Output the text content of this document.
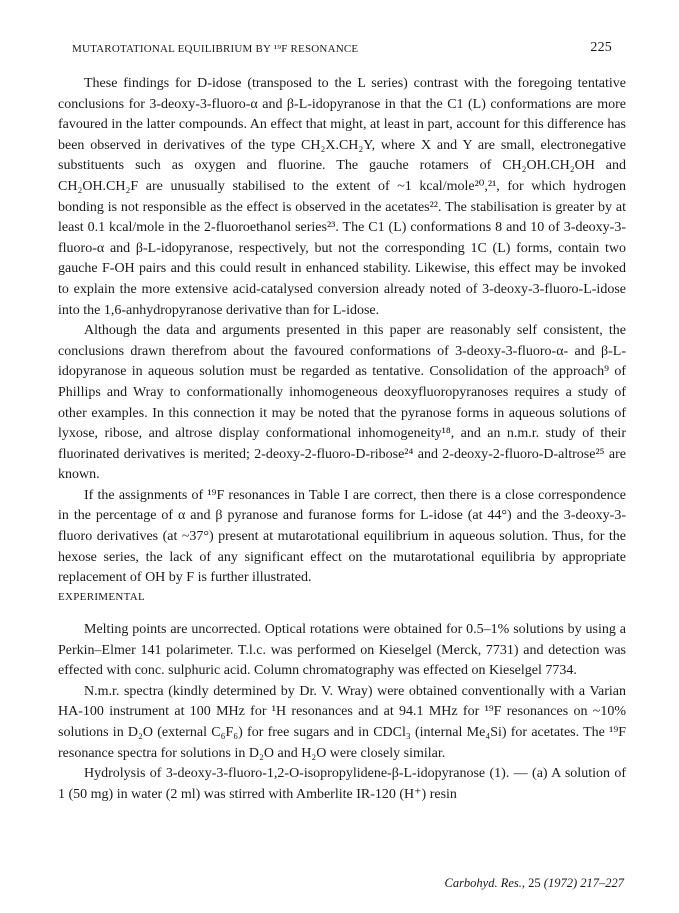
MUTAROTATIONAL EQUILIBRIUM BY ¹⁹F RESONANCE	225

These findings for D-idose (transposed to the L series) contrast with the foregoing tentative conclusions for 3-deoxy-3-fluoro-α and β-L-idopyranose in that the C1 (L) conformations are more favoured in the latter compounds. An effect that might, at least in part, account for this difference has been observed in derivatives of the type CH₂X.CH₂Y, where X and Y are small, electronegative substituents such as oxygen and fluorine. The gauche rotamers of CH₂OH.CH₂OH and CH₂OH.CH₂F are unusually stabilised to the extent of ~1 kcal/mole²⁰,²¹, for which hydrogen bonding is not responsible as the effect is observed in the acetates²². The stabilisation is greater by at least 0.1 kcal/mole in the 2-fluoroethanol series²³. The C1 (L) conformations 8 and 10 of 3-deoxy-3-fluoro-α and β-L-idopyranose, respectively, but not the corresponding 1C (L) forms, contain two gauche F-OH pairs and this could result in enhanced stability. Likewise, this effect may be invoked to explain the more extensive acid-catalysed conversion already noted of 3-deoxy-3-fluoro-L-idose into the 1,6-anhydropyranose derivative than for L-idose.

Although the data and arguments presented in this paper are reasonably self consistent, the conclusions drawn therefrom about the favoured conformations of 3-deoxy-3-fluoro-α- and β-L-idopyranose in aqueous solution must be regarded as tentative. Consolidation of the approach⁹ of Phillips and Wray to conformationally inhomogeneous deoxyfluoropyranoses requires a study of other examples. In this connection it may be noted that the pyranose forms in aqueous solutions of lyxose, ribose, and altrose display conformational inhomogeneity¹⁸, and an n.m.r. study of their fluorinated derivatives is merited; 2-deoxy-2-fluoro-D-ribose²⁴ and 2-deoxy-2-fluoro-D-altrose²⁵ are known.

If the assignments of ¹⁹F resonances in Table I are correct, then there is a close correspondence in the percentage of α and β pyranose and furanose forms for L-idose (at 44°) and the 3-deoxy-3-fluoro derivatives (at ~37°) present at mutarotational equilibrium in aqueous solution. Thus, for the hexose series, the lack of any significant effect on the mutarotational equilibria by appropriate replacement of OH by F is further illustrated.

EXPERIMENTAL

Melting points are uncorrected. Optical rotations were obtained for 0.5–1% solutions by using a Perkin–Elmer 141 polarimeter. T.l.c. was performed on Kieselgel (Merck, 7731) and detection was effected with conc. sulphuric acid. Column chromatography was effected on Kieselgel 7734.

N.m.r. spectra (kindly determined by Dr. V. Wray) were obtained conventionally with a Varian HA-100 instrument at 100 MHz for ¹H resonances and at 94.1 MHz for ¹⁹F resonances on ~10% solutions in D₂O (external C₆F₆) for free sugars and in CDCl₃ (internal Me₄Si) for acetates. The ¹⁹F resonance spectra for solutions in D₂O and H₂O were closely similar.

Hydrolysis of 3-deoxy-3-fluoro-1,2-O-isopropylidene-β-L-idopyranose (1). — (a) A solution of 1 (50 mg) in water (2 ml) was stirred with Amberlite IR-120 (H⁺) resin

Carbohyd. Res., 25 (1972) 217–227
